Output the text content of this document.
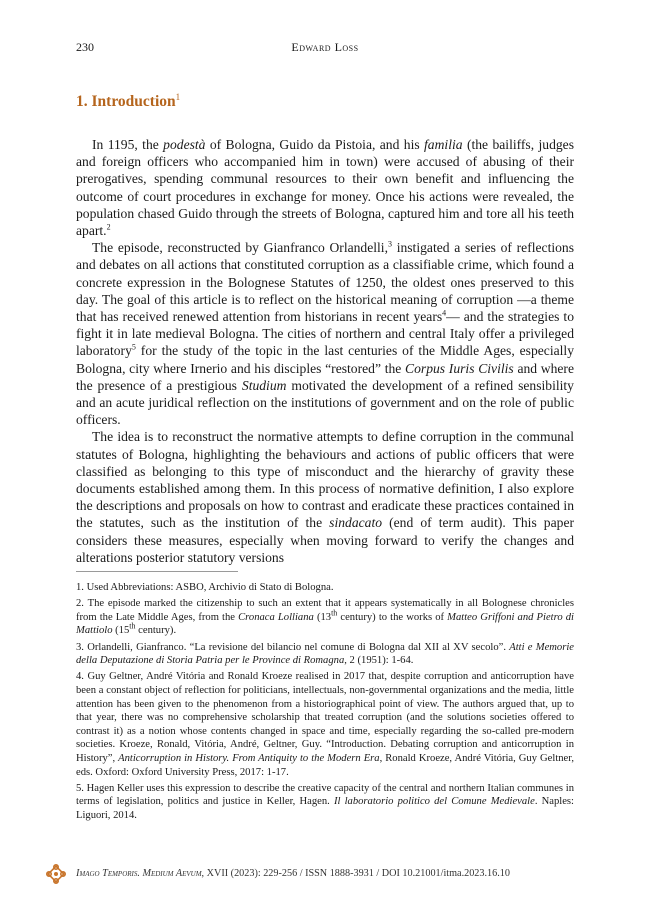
230	Edward Loss
1. Introduction$^1$

In 1195, the podestà of Bologna, Guido da Pistoia, and his familia (the bailiffs, judges and foreign officers who accompanied him in town) were accused of abusing of their prerogatives, spending communal resources to their own benefit and influencing the outcome of court procedures in exchange for money. Once his actions were revealed, the population chased Guido through the streets of Bologna, captured him and tore all his teeth apart.$^2$

The episode, reconstructed by Gianfranco Orlandelli,$^3$ instigated a series of reflections and debates on all actions that constituted corruption as a classifiable crime, which found a concrete expression in the Bolognese Statutes of 1250, the oldest ones preserved to this day. The goal of this article is to reflect on the historical meaning of corruption —a theme that has received renewed attention from historians in recent years$^4$— and the strategies to fight it in late medieval Bologna. The cities of northern and central Italy offer a privileged laboratory$^5$ for the study of the topic in the last centuries of the Middle Ages, especially Bologna, city where Irnerio and his disciples “restored” the Corpus Iuris Civilis and where the presence of a prestigious Studium motivated the development of a refined sensibility and an acute juridical reflection on the institutions of government and on the role of public officers.

The idea is to reconstruct the normative attempts to define corruption in the communal statutes of Bologna, highlighting the behaviours and actions of public officers that were classified as belonging to this type of misconduct and the hierarchy of gravity these documents established among them. In this process of normative definition, I also explore the descriptions and proposals on how to contrast and eradicate these practices contained in the statutes, such as the institution of the sindacato (end of term audit). This paper considers these measures, especially when moving forward to verify the changes and alterations posterior statutory versions

1. Used Abbreviations: ASBO, Archivio di Stato di Bologna.

2. The episode marked the citizenship to such an extent that it appears systematically in all Bolognese chronicles from the Late Middle Ages, from the Cronaca Lolliana (13th century) to the works of Matteo Griffoni and Pietro di Mattiolo (15th century).

3. Orlandelli, Gianfranco. “La revisione del bilancio nel comune di Bologna dal XII al XV secolo”. Atti e Memorie della Deputazione di Storia Patria per le Province di Romagna, 2 (1951): 1-64.

4. Guy Geltner, André Vitória and Ronald Kroeze realised in 2017 that, despite corruption and anticorruption have been a constant object of reflection for politicians, intellectuals, non-governmental organizations and the media, little attention has been given to the phenomenon from a historiographical point of view. The authors argued that, up to that year, there was no comprehensive scholarship that treated corruption (and the solutions societies offered to contrast it) as a notion whose contents changed in space and time, especially regarding the so-called pre-modern societies. Kroeze, Ronald, Vitória, André, Geltner, Guy. “Introduction. Debating corruption and anticorruption in History”, Anticorruption in History. From Antiquity to the Modern Era, Ronald Kroeze, André Vitória, Guy Geltner, eds. Oxford: Oxford University Press, 2017: 1-17.

5. Hagen Keller uses this expression to describe the creative capacity of the central and northern Italian communes in terms of legislation, politics and justice in Keller, Hagen. Il laboratorio politico del Comune Medievale. Naples: Liguori, 2014.

Imago Temporis. Medium Aevum, XVII (2023): 229-256 / ISSN 1888-3931 / DOI 10.21001/itma.2023.16.10
